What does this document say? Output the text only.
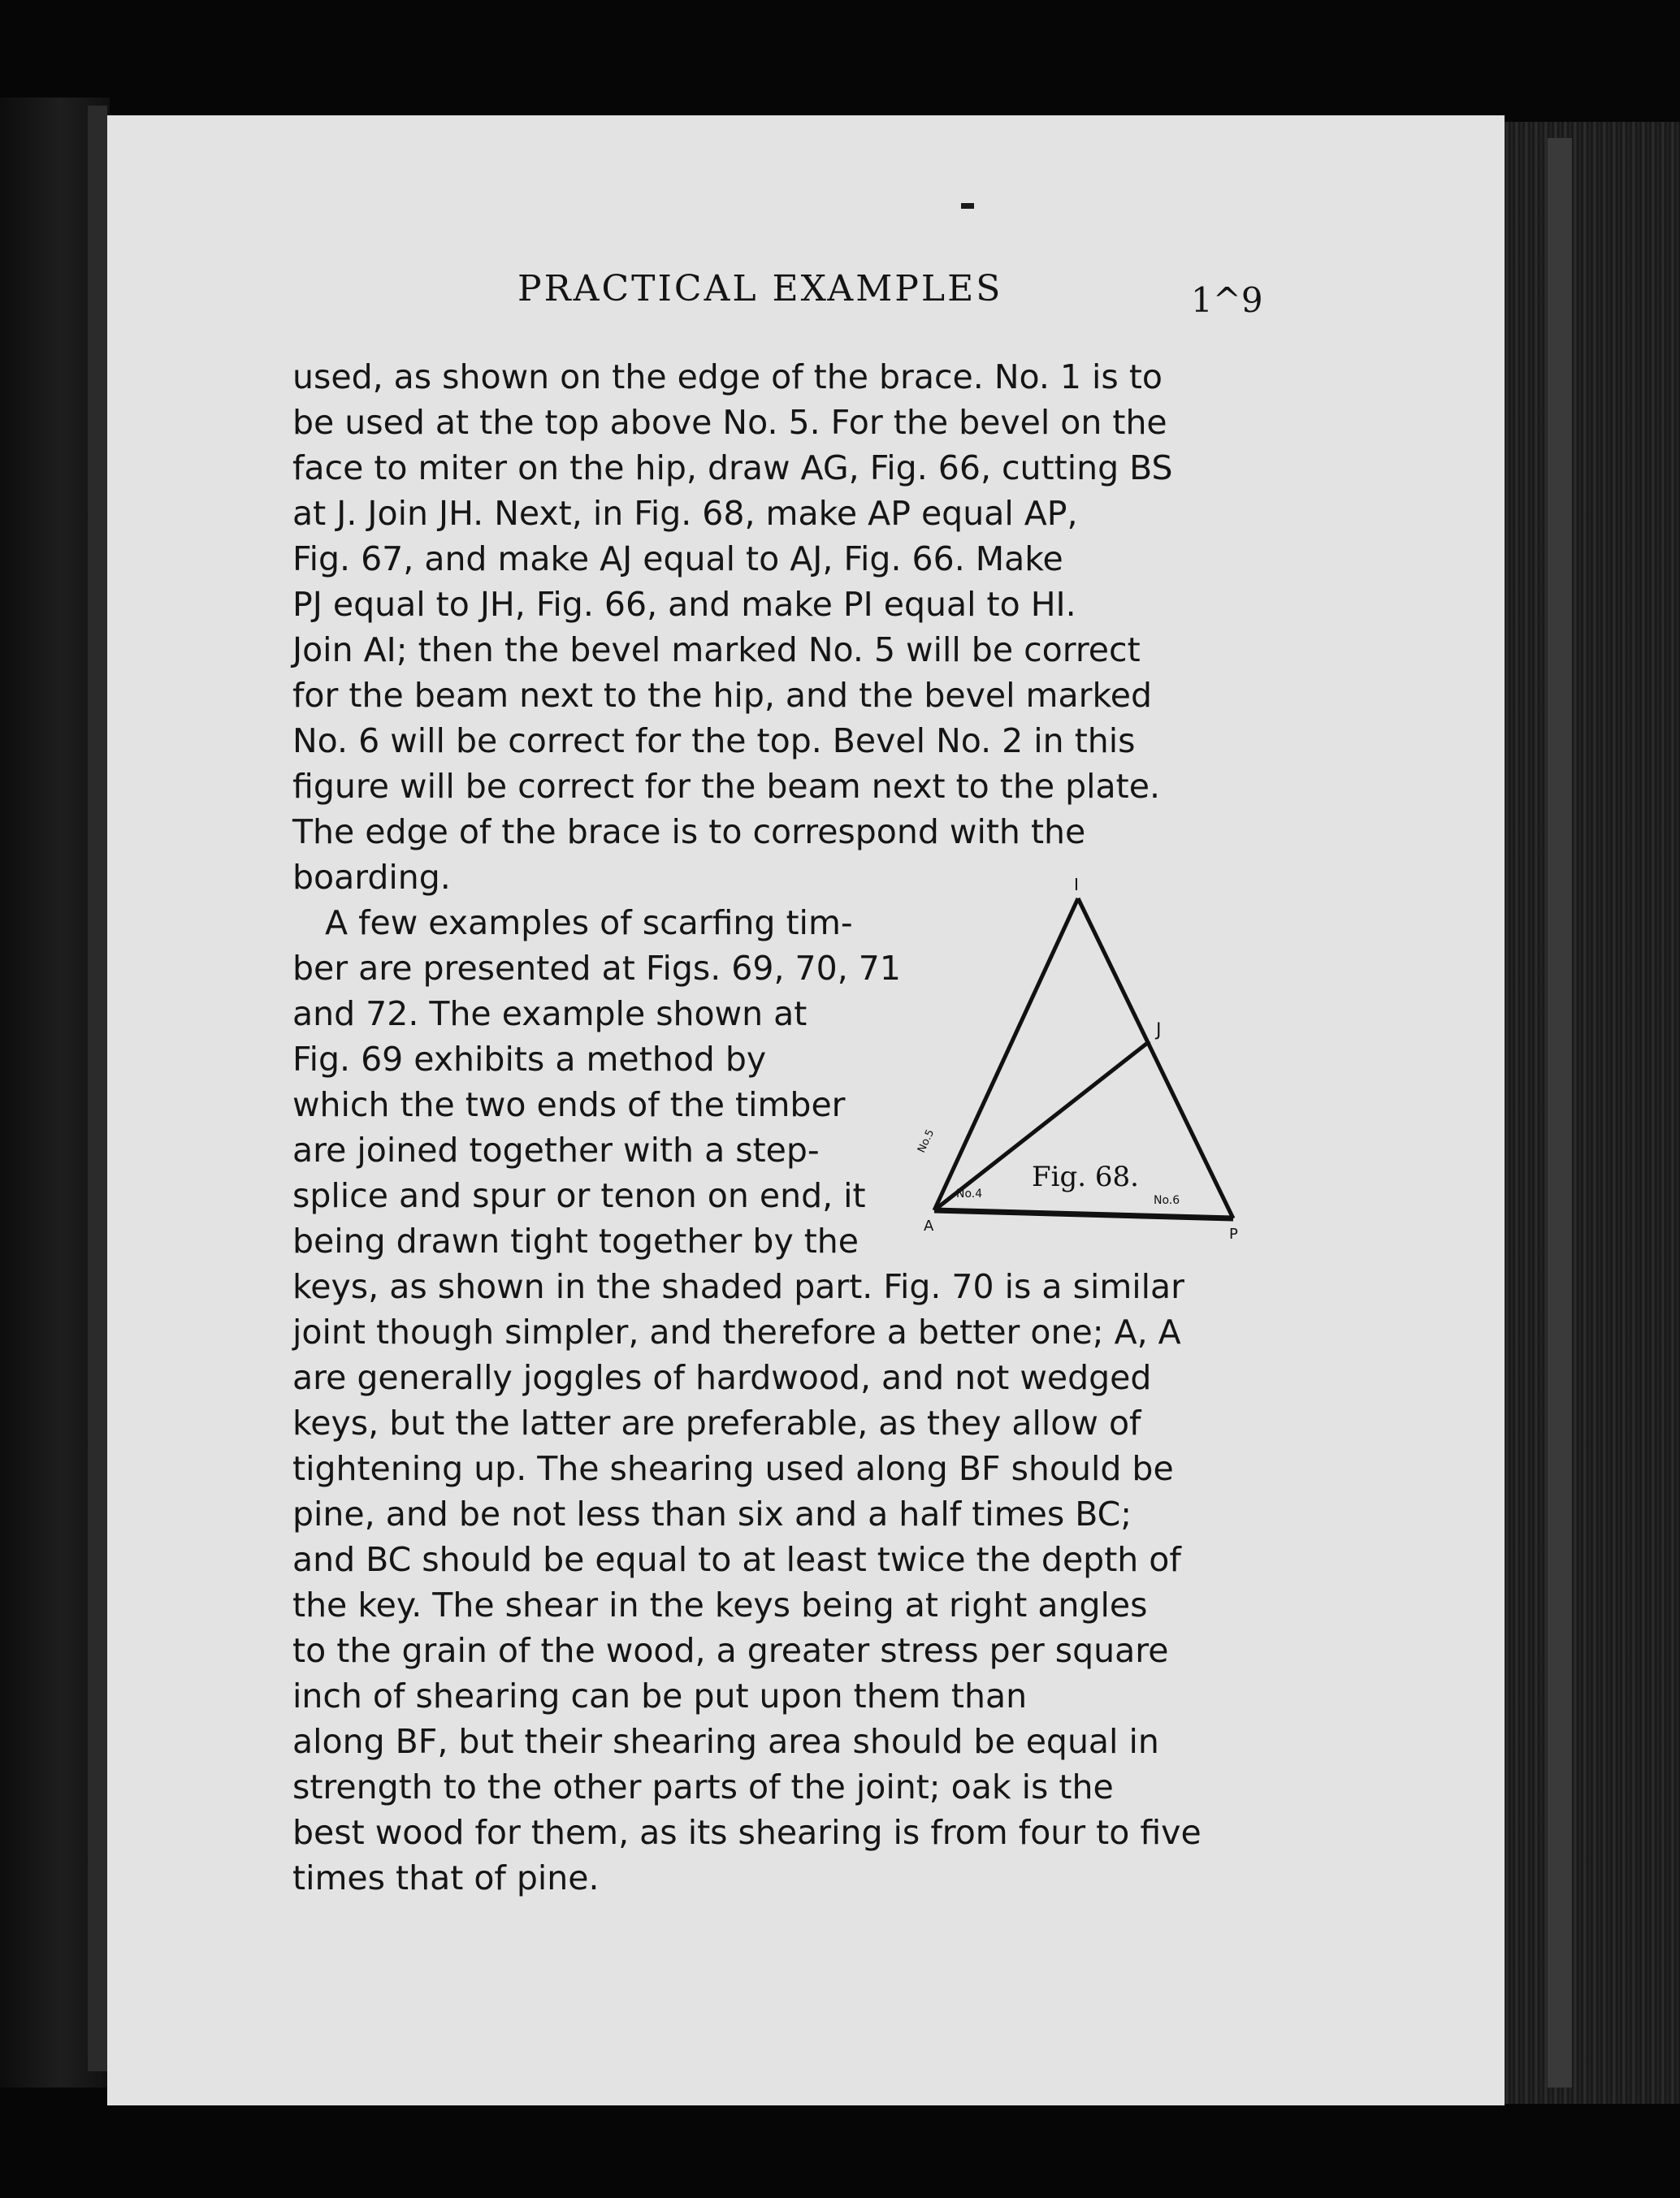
PRACTICAL EXAMPLES	1^9
used, as shown on the edge of the brace. No. 1 is to
be used at the top above No. 5. For the bevel on the
face to miter on the hip, draw AG, Fig. 66, cutting BS
at J. Join JH. Next, in Fig. 68, make AP equal AP,
Fig. 67, and make AJ equal to AJ, Fig. 66. Make
PJ equal to JH, Fig. 66, and make PI equal to HI.
Join AI; then the bevel marked No. 5 will be correct
for the beam next to the hip, and the bevel marked
No. 6 will be correct for the top. Bevel No. 2 in this
figure will be correct for the beam next to the plate.
The edge of the brace is to correspond with the
boarding.
A few examples of scarfing tim-
ber are presented at Figs. 69, 70, 71
and 72. The example shown at
Fig. 69 exhibits a method by
which the two ends of the timber
are joined together with a step-
splice and spur or tenon on end, it
being drawn tight together by the
keys, as shown in the shaded part. Fig. 70 is a similar
joint though simpler, and therefore a better one; A, A
are generally joggles of hardwood, and not wedged
keys, but the latter are preferable, as they allow of
tightening up. The shearing used along BF should be
pine, and be not less than six and a half times BC;
and BC should be equal to at least twice the depth of
the key. The shear in the keys being at right angles
to the grain of the wood, a greater stress per square
inch of shearing can be put upon them than
along BF, but their shearing area should be equal in
strength to the other parts of the joint; oak is the
best wood for them, as its shearing is from four to five
times that of pine.
I
J
Fig. 68.
No.4	No.6
No.5
A	P
